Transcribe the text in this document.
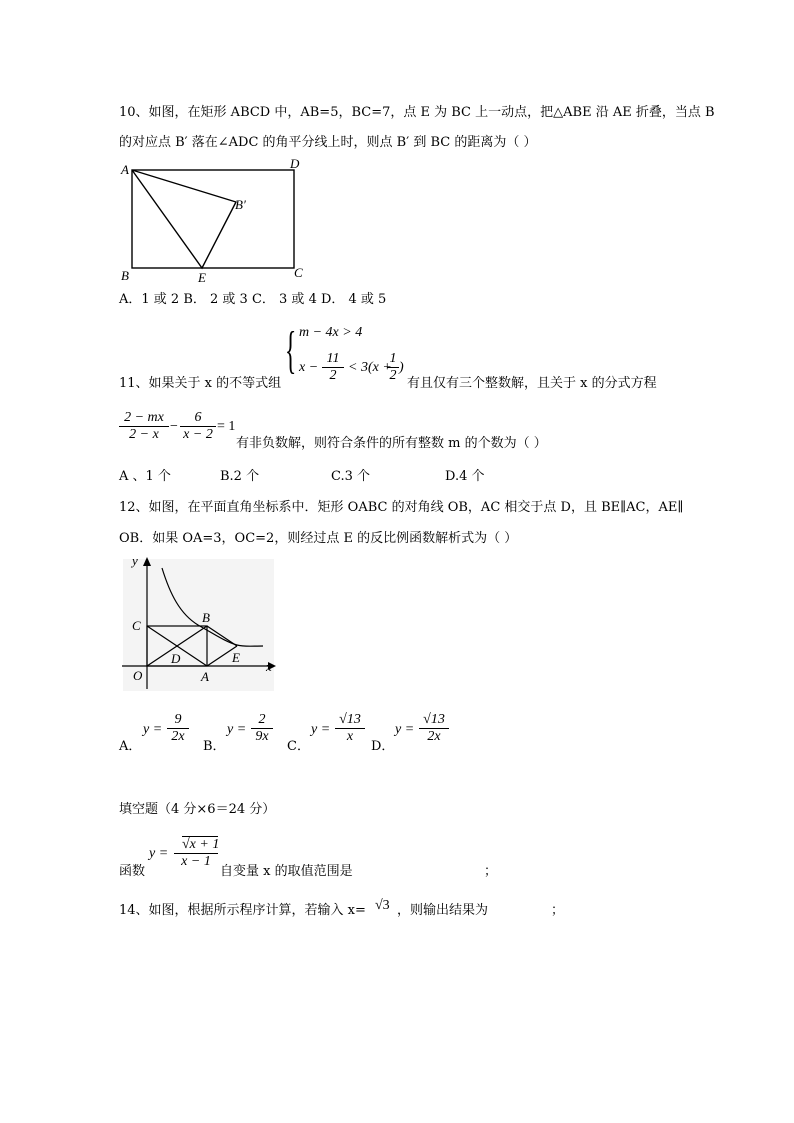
10、如图，在矩形 ABCD 中，AB=5，BC=7，点 E 为 BC 上一动点，把△ABE 沿 AE 折叠，当点 B
的对应点 B′ 落在∠ADC 的角平分线上时，则点 B′ 到 BC 的距离为（ ）
A	D
B′
B	E	C
A．1 或 2 B． 2 或 3 C． 3 或 4 D． 4 或 5
{ m − 4x > 4
x −
11
2
< 3(x +
1
2
)
11、如果关于 x 的不等式组	有且仅有三个整数解，且关于 x 的分式方程
2 − mx
2 − x
−
6
x − 2
= 1
有非负数解，则符合条件的所有整数 m 的个数为（ ）
A 、1 个	B.2 个	C.3 个	D.4 个
12、如图，在平面直角坐标系中．矩形 OABC 的对角线 OB，AC 相交于点 D，且 BE∥AC，AE∥
OB．如果 OA=3，OC=2，则经过点 E 的反比例函数解析式为（ ）
y
x
O	A
B
C
D	E
A．
y =
9
2x
B．
y =
2
9x
C．
y =
√13
x
D．
y =
√13
2x
填空题（4 分×6＝24 分）
函数
y =
√x + 1
x − 1
自变量 x 的取值范围是	；
14、如图，根据所示程序计算，若输入 x= √3 ，则输出结果为	；
